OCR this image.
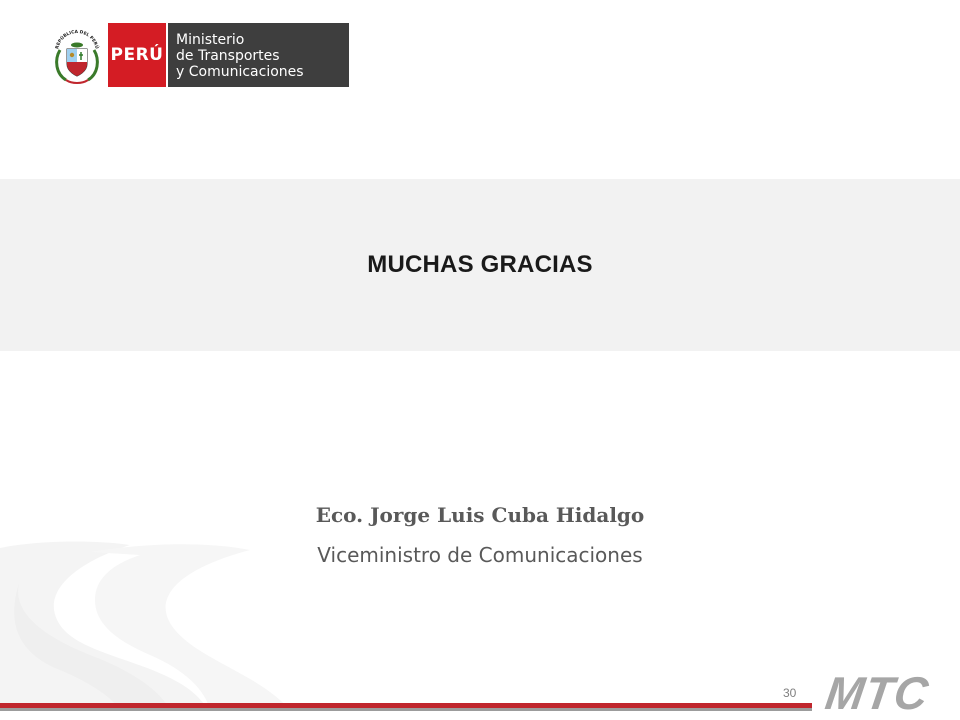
REPÚBLICA DEL PERÚ PERÚ
Ministerio
de Transportes
y Comunicaciones
MUCHAS GRACIAS
Eco. Jorge Luis Cuba Hidalgo
Viceministro de Comunicaciones
30 MTC
